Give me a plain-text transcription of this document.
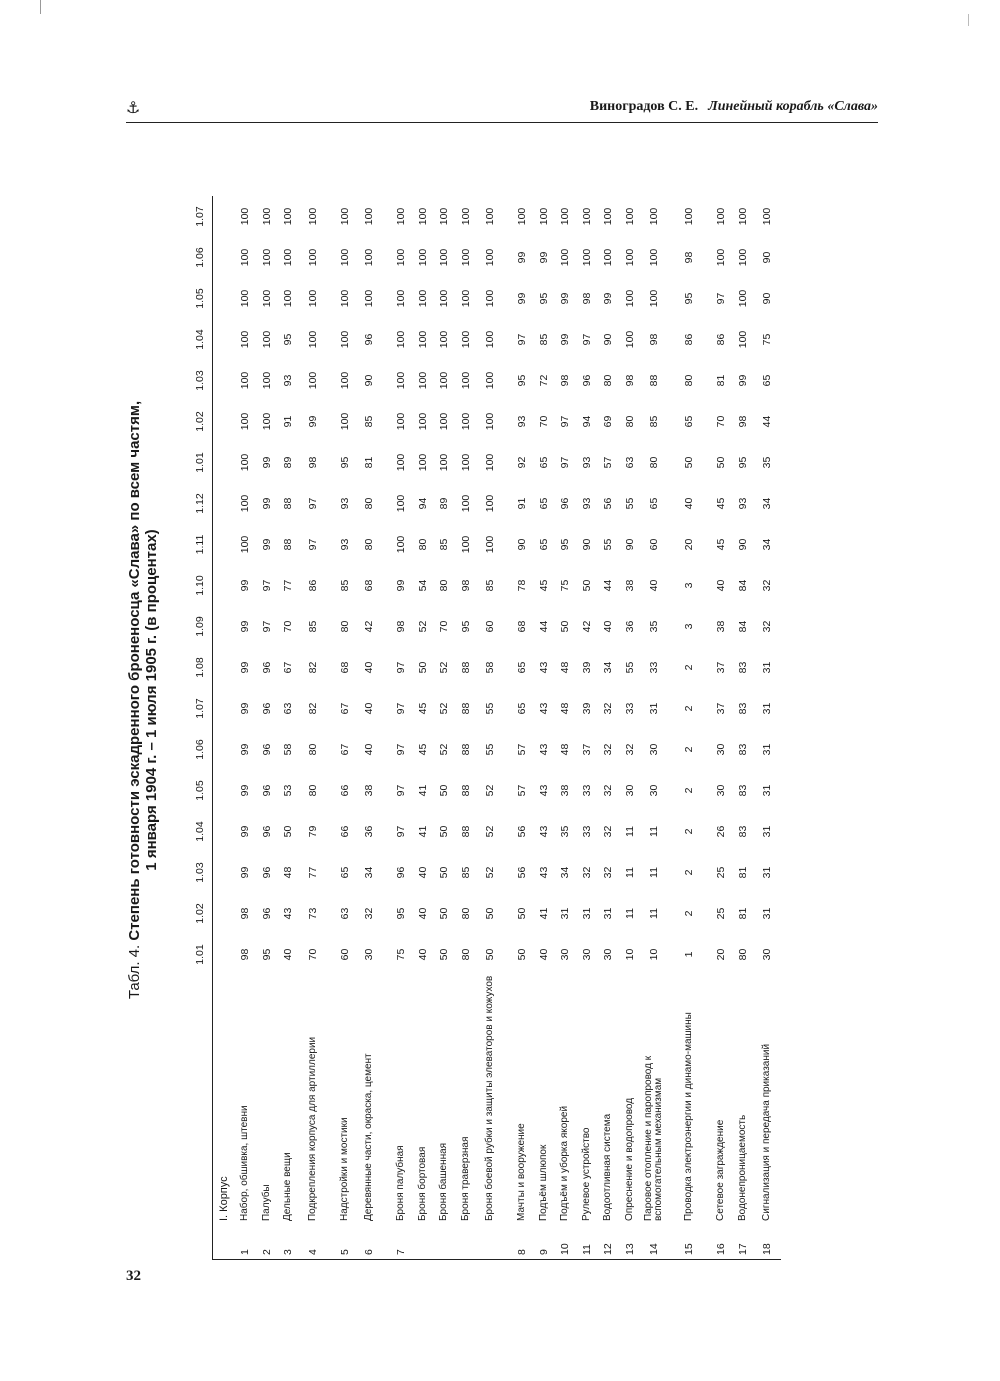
⚓	Виноградов С. Е. Линейный корабль «Слава»
Табл. 4. Степень готовности эскадренного броненосца «Слава» по всем частям, 1 января 1904 г. – 1 июля 1905 г. (в процентах)
		1.01	1.02	1.03	1.04	1.05	1.06	1.07	1.08	1.09	1.10	1.11	1.12	1.01	1.02	1.03	1.04	1.05	1.06	1.07
	I. Корпус																			
1	Набор, обшивка, штевни	98	98	99	99	99	99	99	99	99	99	100	100	100	100	100	100	100	100	100
2	Палубы	95	96	96	96	96	96	96	96	97	97	99	99	99	100	100	100	100	100	100
3	Дельные вещи	40	43	48	50	53	58	63	67	70	77	88	88	89	91	93	95	100	100	100
4	Подкрепления корпуса для артиллерии	70	73	77	79	80	80	82	82	85	86	97	97	98	99	100	100	100	100	100

5	Надстройки и мостики	60	63	65	66	66	67	67	68	80	85	93	93	95	100	100	100	100	100	100
6	Деревянные части, окраска, цемент	30	32	34	36	38	40	40	40	42	68	80	80	81	85	90	96	100	100	100

7	Броня палубная	75	95	96	97	97	97	97	97	98	99	100	100	100	100	100	100	100	100	100
	Броня бортовая	40	40	40	41	41	45	45	50	52	54	80	94	100	100	100	100	100	100	100
	Броня башенная	50	50	50	50	50	52	52	52	70	80	85	89	100	100	100	100	100	100	100
	Броня траверзная	80	80	85	88	88	88	88	88	95	98	100	100	100	100	100	100	100	100	100
	Броня боевой рубки и защиты элеваторов и кожухов	50	50	52	52	52	55	55	58	60	85	100	100	100	100	100	100	100	100	100

8	Мачты и вооружение	50	50	56	56	57	57	65	65	68	78	90	91	92	93	95	97	99	99	100
9	Подъём шлюпок	40	41	43	43	43	43	43	43	44	45	65	65	65	70	72	85	95	99	100
10	Подъём и уборка якорей	30	31	34	35	38	48	48	48	50	75	95	96	97	97	98	99	99	100	100
11	Рулевое устройство	30	31	32	33	33	37	39	39	42	50	90	93	93	94	96	97	98	100	100
12	Водоотливная система	30	31	32	32	32	32	32	34	40	44	55	56	57	69	80	90	99	100	100
13	Опреснение и водопровод	10	11	11	11	30	32	33	55	36	38	90	55	63	80	98	100	100	100	100
14	Паровое отопление и паропровод к вспомогательным механизмам	10	11	11	11	30	30	31	33	35	40	60	65	80	85	88	98	100	100	100

15	Проводка электроэнергии и динамо-машины	1	2	2	2	2	2	2	2	3	3	20	40	50	65	80	86	95	98	100

16	Сетевое заграждение	20	25	25	26	30	30	37	37	38	40	45	45	50	70	81	86	97	100	100
17	Водонепроницаемость	80	81	81	83	83	83	83	83	84	84	90	93	95	98	99	100	100	100	100
18	Сигнализация и передача приказаний	30	31	31	31	31	31	31	31	32	32	34	34	35	44	65	75	90	90	100
32
